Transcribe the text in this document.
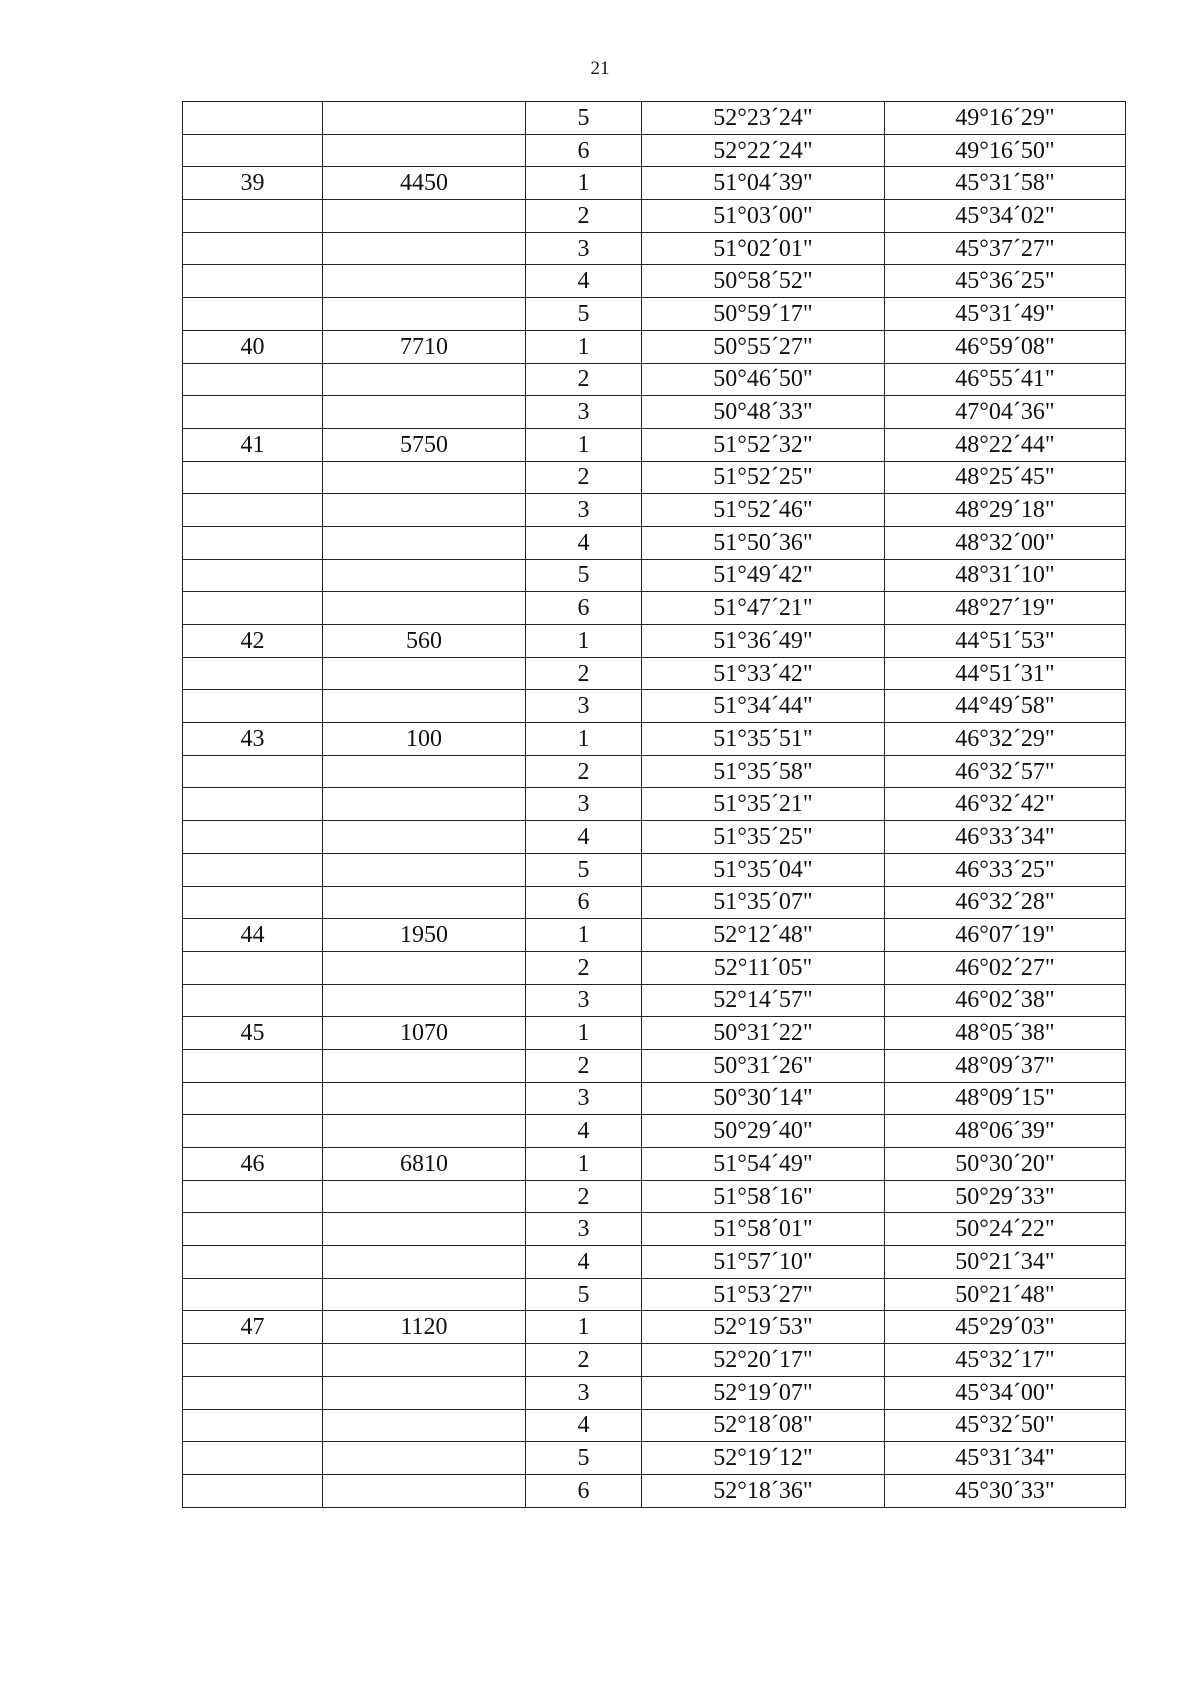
21
		5	52°23´24"	49°16´29"
		6	52°22´24"	49°16´50"
39	4450	1	51°04´39"	45°31´58"
		2	51°03´00"	45°34´02"
		3	51°02´01"	45°37´27"
		4	50°58´52"	45°36´25"
		5	50°59´17"	45°31´49"
40	7710	1	50°55´27"	46°59´08"
		2	50°46´50"	46°55´41"
		3	50°48´33"	47°04´36"
41	5750	1	51°52´32"	48°22´44"
		2	51°52´25"	48°25´45"
		3	51°52´46"	48°29´18"
		4	51°50´36"	48°32´00"
		5	51°49´42"	48°31´10"
		6	51°47´21"	48°27´19"
42	560	1	51°36´49"	44°51´53"
		2	51°33´42"	44°51´31"
		3	51°34´44"	44°49´58"
43	100	1	51°35´51"	46°32´29"
		2	51°35´58"	46°32´57"
		3	51°35´21"	46°32´42"
		4	51°35´25"	46°33´34"
		5	51°35´04"	46°33´25"
		6	51°35´07"	46°32´28"
44	1950	1	52°12´48"	46°07´19"
		2	52°11´05"	46°02´27"
		3	52°14´57"	46°02´38"
45	1070	1	50°31´22"	48°05´38"
		2	50°31´26"	48°09´37"
		3	50°30´14"	48°09´15"
		4	50°29´40"	48°06´39"
46	6810	1	51°54´49"	50°30´20"
		2	51°58´16"	50°29´33"
		3	51°58´01"	50°24´22"
		4	51°57´10"	50°21´34"
		5	51°53´27"	50°21´48"
47	1120	1	52°19´53"	45°29´03"
		2	52°20´17"	45°32´17"
		3	52°19´07"	45°34´00"
		4	52°18´08"	45°32´50"
		5	52°19´12"	45°31´34"
		6	52°18´36"	45°30´33"
